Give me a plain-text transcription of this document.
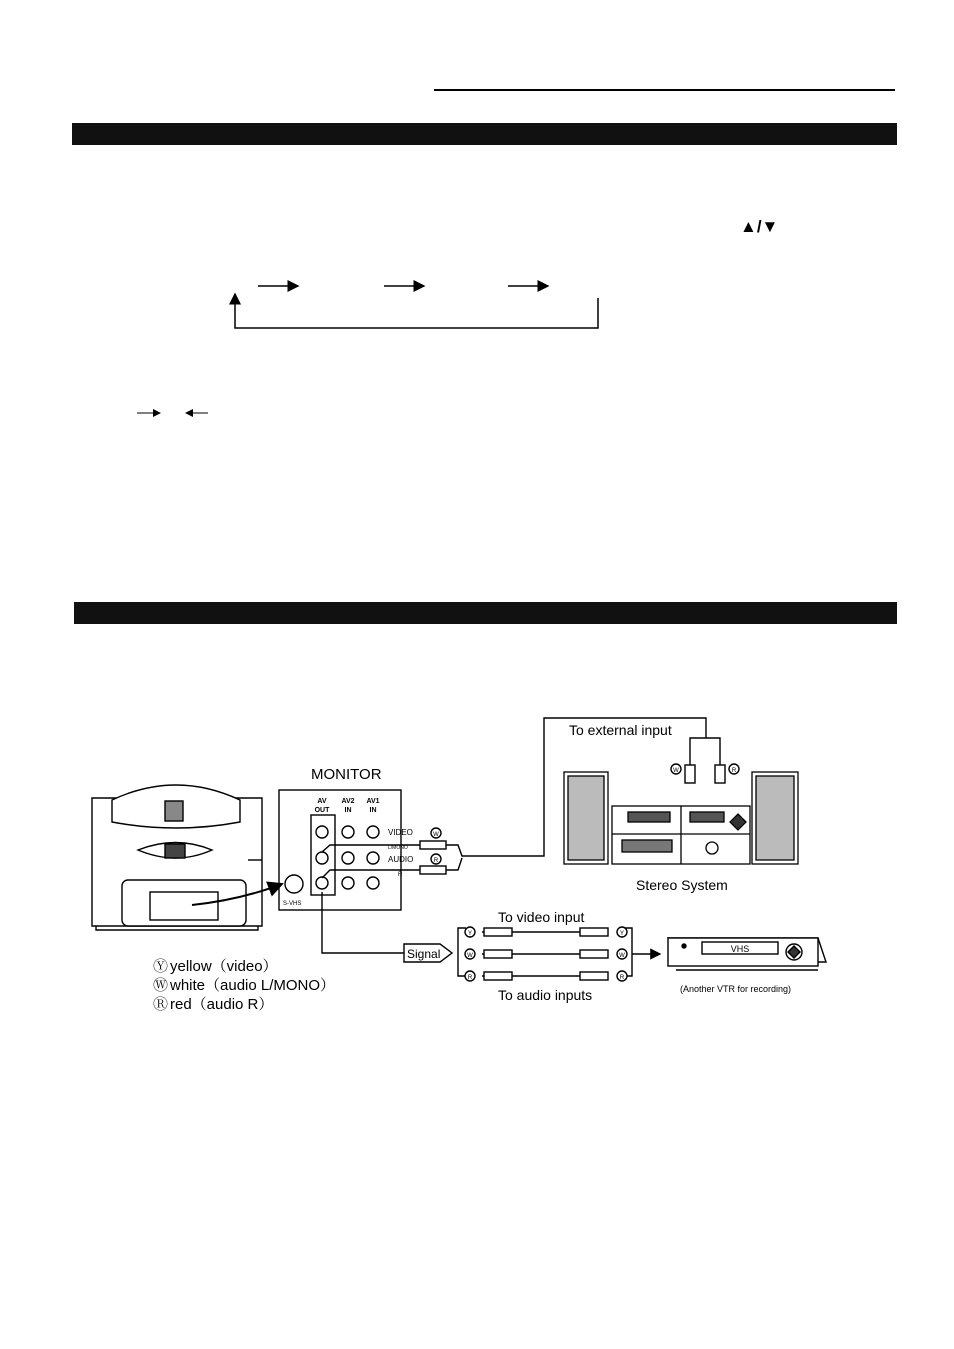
▲/▼
MONITOR
AV
OUT
AV2
IN
AV1
IN
VIDEO
L/MONO
AUDIO
R
S-VHS
W
R
W	R
To external input
Stereo System
Y
W
R
Y
W
R
Signal
To video input
To audio inputs
VHS
(Another VTR for recording)
Ⓨ yellow（video）
Ⓦ white（audio L/MONO）
Ⓡ red（audio R）
